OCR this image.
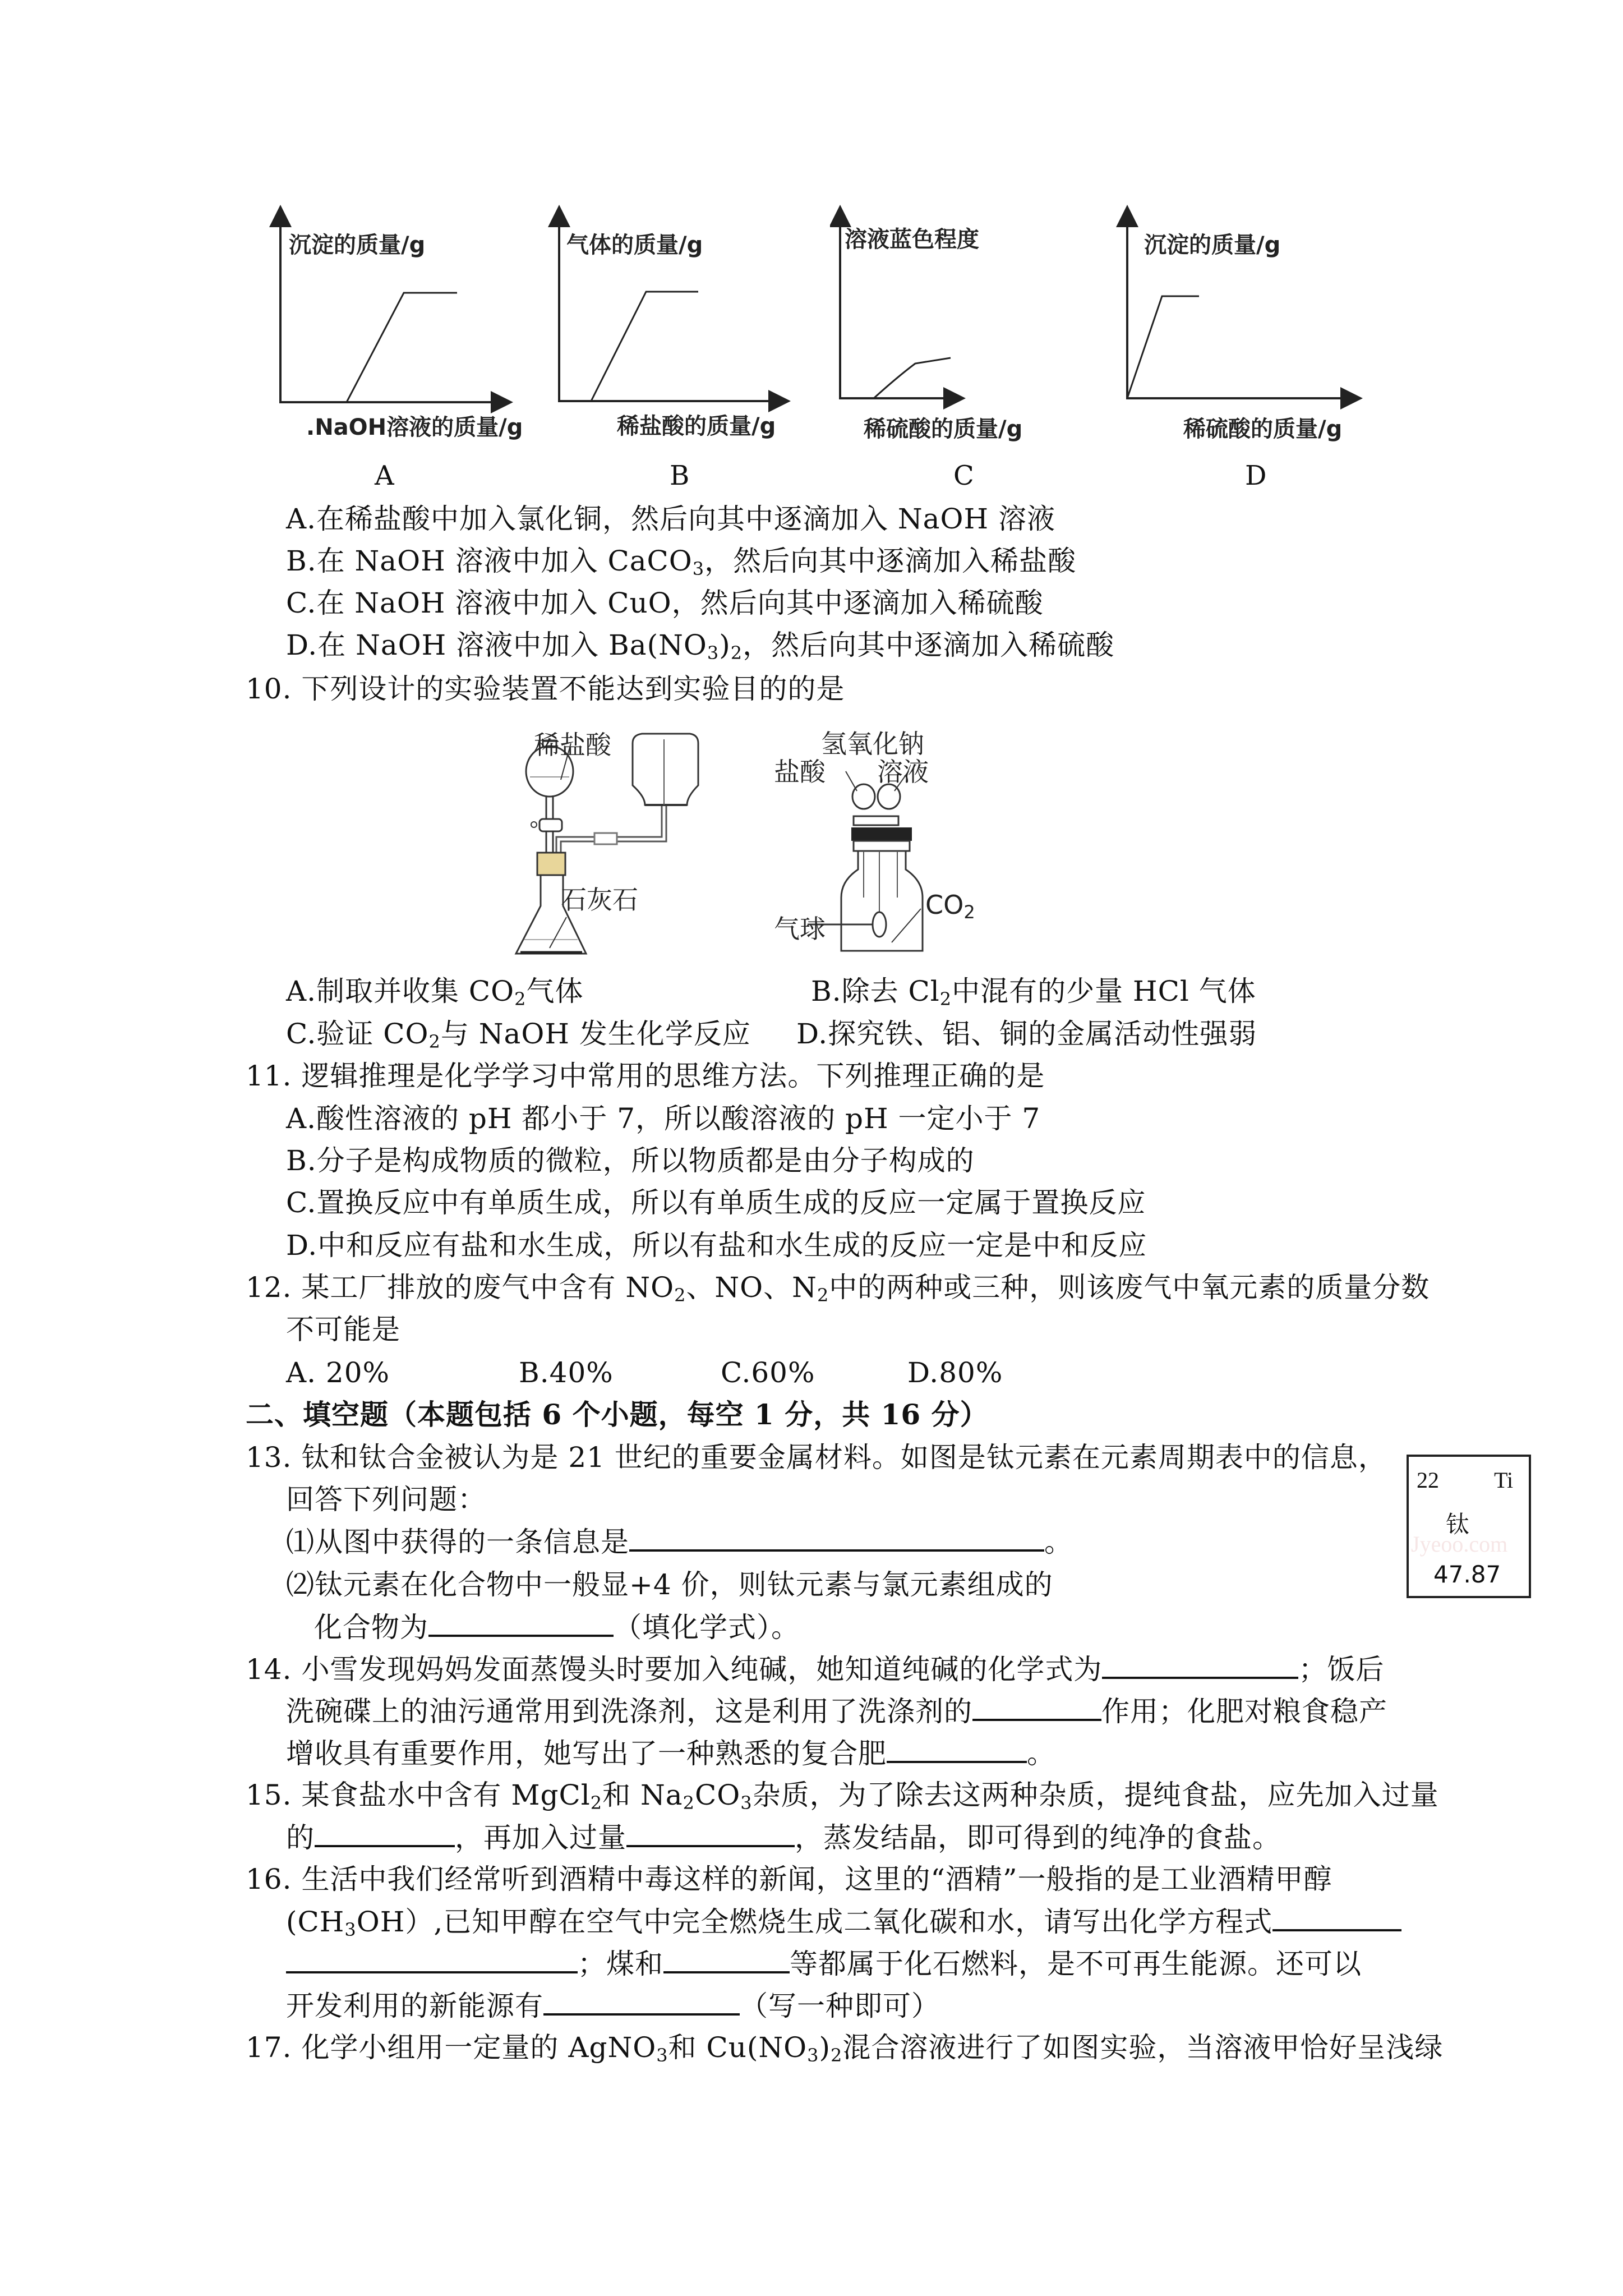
沉淀的质量/g
.NaOH溶液的质量/g
A
气体的质量/g
稀盐酸的质量/g
B
溶液蓝色程度
稀硫酸的质量/g
C
沉淀的质量/g
稀硫酸的质量/g
D
A.在稀盐酸中加入氯化铜，然后向其中逐滴加入 NaOH 溶液
B.在 NaOH 溶液中加入 CaCO$_3$，然后向其中逐滴加入稀盐酸
C.在 NaOH 溶液中加入 CuO，然后向其中逐滴加入稀硫酸
D.在 NaOH 溶液中加入 $Ba(NO_3)_2$，然后向其中逐滴加入稀硫酸
10. 下列设计的实验装置不能达到实验目的的是
稀盐酸
石灰石
盐酸
氢氧化钠
溶液
气球
$CO_2$
A.制取并收集 $CO_2$气体	B.除去 $Cl_2$中混有的少量 HCl 气体
C.验证 $CO_2$与 NaOH 发生化学反应 D.探究铁、铝、铜的金属活动性强弱
11. 逻辑推理是化学学习中常用的思维方法。下列推理正确的是
A.酸性溶液的 pH 都小于 7，所以酸溶液的 pH 一定小于 7
B.分子是构成物质的微粒，所以物质都是由分子构成的
C.置换反应中有单质生成，所以有单质生成的反应一定属于置换反应
D.中和反应有盐和水生成，所以有盐和水生成的反应一定是中和反应
12. 某工厂排放的废气中含有 $NO_2$、NO、$N_2$中的两种或三种，则该废气中氧元素的质量分数
不可能是
A. 20%	B.40%	C.60%	D.80%
二、填空题（本题包括 6 个小题，每空 1 分，共 16 分）
13. 钛和钛合金被认为是 21 世纪的重要金属材料。如图是钛元素在元素周期表中的信息，
回答下列问题：
⑴从图中获得的一条信息是	。
⑵钛元素在化合物中一般显+4 价，则钛元素与氯元素组成的
化合物为	（填化学式）。
22 Ti
钛
Jyeoo.com
47.87
14. 小雪发现妈妈发面蒸馒头时要加入纯碱，她知道纯碱的化学式为	；饭后
洗碗碟上的油污通常用到洗涤剂，这是利用了洗涤剂的	作用；化肥对粮食稳产
增收具有重要作用，她写出了一种熟悉的复合肥	。
15. 某食盐水中含有 MgCl$_2$和 $Na_2CO_3$杂质，为了除去这两种杂质，提纯食盐，应先加入过量
的	，再加入过量	，蒸发结晶，即可得到的纯净的食盐。
16. 生活中我们经常听到酒精中毒这样的新闻，这里的“酒精”一般指的是工业酒精甲醇
$(CH_3OH)$,已知甲醇在空气中完全燃烧生成二氧化碳和水，请写出化学方程式
；煤和	等都属于化石燃料，是不可再生能源。还可以
开发利用的新能源有	（写一种即可）
17. 化学小组用一定量的 AgNO$_3$和 $Cu(NO_3)_2$混合溶液进行了如图实验，当溶液甲恰好呈浅绿
